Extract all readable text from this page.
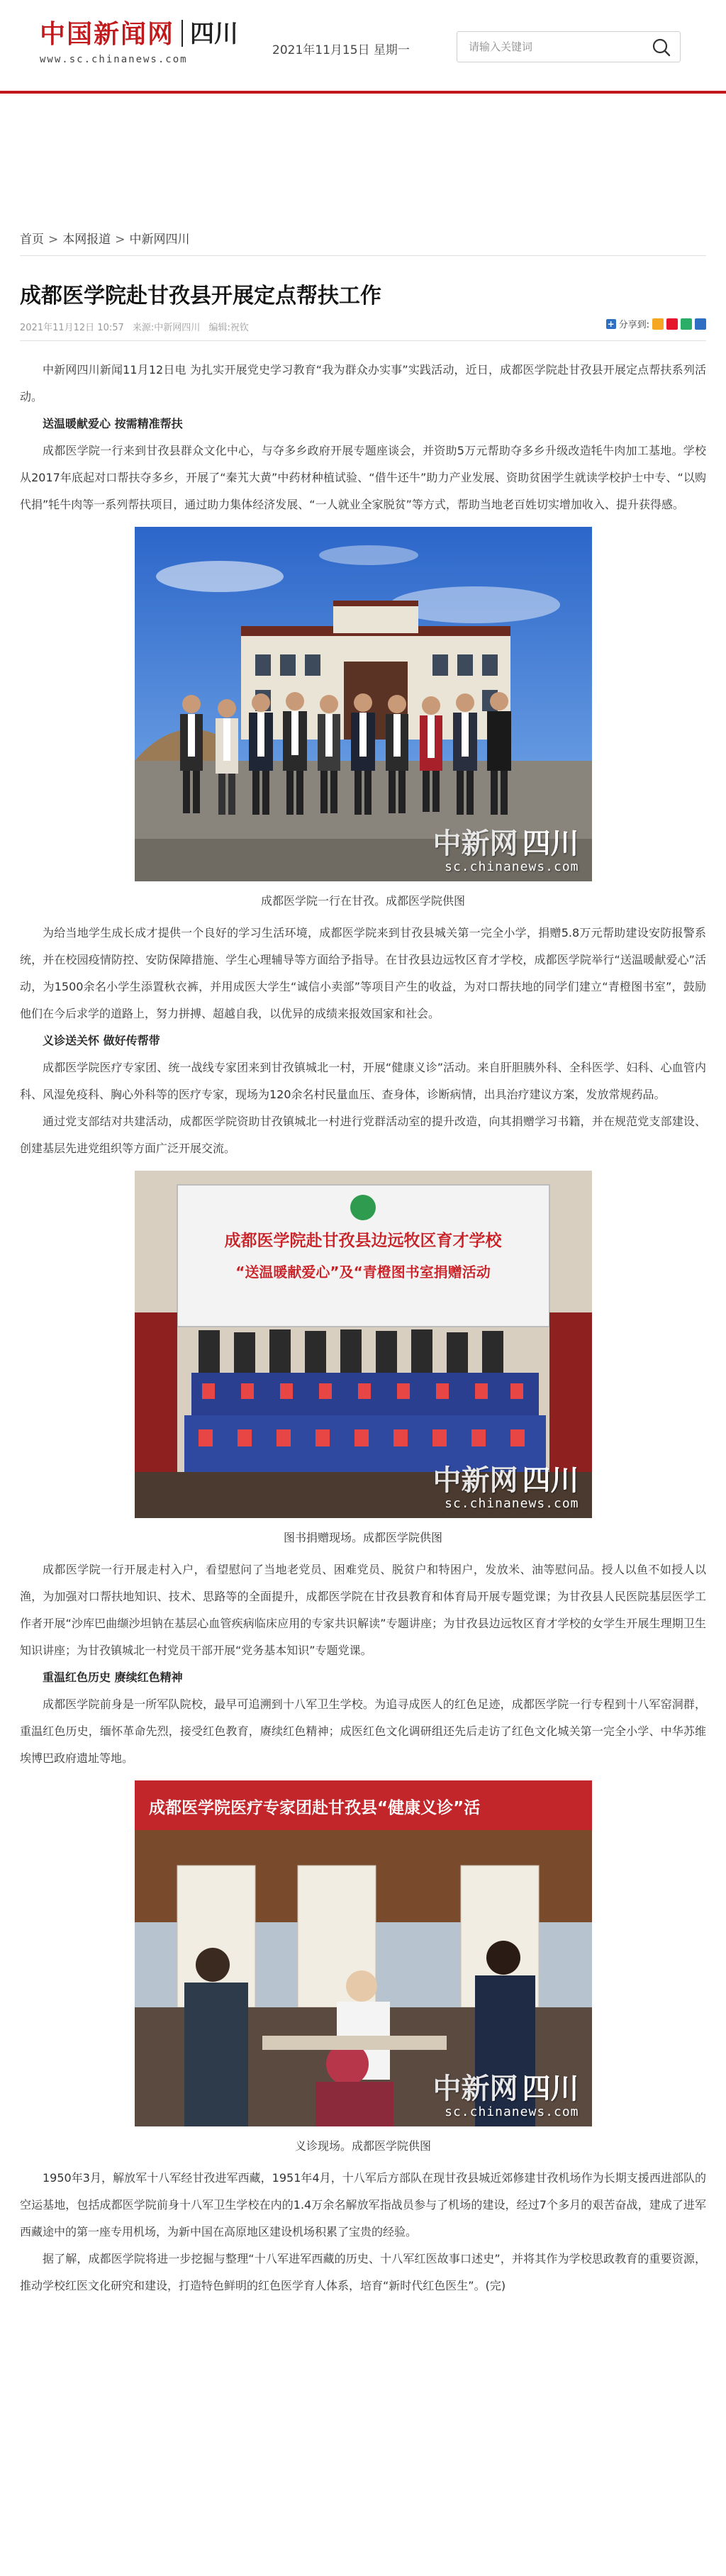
中国新闻网 四川
www.sc.chinanews.com
2021年11月15日 星期一
请输入关键词
首页 > 本网报道 > 中新网四川
成都医学院赴甘孜县开展定点帮扶工作
2021年11月12日 10:57 来源:中新网四川 编辑:祝钦	+ 分享到:

中新网四川新闻11月12日电 为扎实开展党史学习教育“我为群众办实事”实践活动，近日，成都医学院赴甘孜县开展定点帮扶系列活动。

送温暖献爱心 按需精准帮扶

成都医学院一行来到甘孜县群众文化中心，与夺多乡政府开展专题座谈会，并资助5万元帮助夺多乡升级改造牦牛肉加工基地。学校从2017年底起对口帮扶夺多乡，开展了“秦艽大黄”中药材种植试验、“借牛还牛”助力产业发展、资助贫困学生就读学校护士中专、“以购代捐”牦牛肉等一系列帮扶项目，通过助力集体经济发展、“一人就业全家脱贫”等方式，帮助当地老百姓切实增加收入、提升获得感。

中新网 四川
sc.chinanews.com

成都医学院一行在甘孜。成都医学院供图

为给当地学生成长成才提供一个良好的学习生活环境，成都医学院来到甘孜县城关第一完全小学，捐赠5.8万元帮助建设安防报警系统，并在校园疫情防控、安防保障措施、学生心理辅导等方面给予指导。在甘孜县边远牧区育才学校，成都医学院举行“送温暖献爱心”活动，为1500余名小学生添置秋衣裤，并用成医大学生“诚信小卖部”等项目产生的收益，为对口帮扶地的同学们建立“青橙图书室”，鼓励他们在今后求学的道路上，努力拼搏、超越自我，以优异的成绩来报效国家和社会。

义诊送关怀 做好传帮带

成都医学院医疗专家团、统一战线专家团来到甘孜镇城北一村，开展“健康义诊”活动。来自肝胆胰外科、全科医学、妇科、心血管内科、风湿免疫科、胸心外科等的医疗专家，现场为120余名村民量血压、查身体，诊断病情，出具治疗建议方案，发放常规药品。

通过党支部结对共建活动，成都医学院资助甘孜镇城北一村进行党群活动室的提升改造，向其捐赠学习书籍，并在规范党支部建设、创建基层先进党组织等方面广泛开展交流。

成都医学院赴甘孜县边远牧区育才学校
“送温暖献爱心”及“青橙图书室捐赠活动
中新网 四川
sc.chinanews.com

图书捐赠现场。成都医学院供图

成都医学院一行开展走村入户，看望慰问了当地老党员、困难党员、脱贫户和特困户，发放米、油等慰问品。授人以鱼不如授人以渔，为加强对口帮扶地知识、技术、思路等的全面提升，成都医学院在甘孜县教育和体育局开展专题党课；为甘孜县人民医院基层医学工作者开展“沙库巴曲缬沙坦钠在基层心血管疾病临床应用的专家共识解读”专题讲座；为甘孜县边远牧区育才学校的女学生开展生理期卫生知识讲座；为甘孜镇城北一村党员干部开展“党务基本知识”专题党课。

重温红色历史 赓续红色精神

成都医学院前身是一所军队院校，最早可追溯到十八军卫生学校。为追寻成医人的红色足迹，成都医学院一行专程到十八军窑洞群，重温红色历史，缅怀革命先烈，接受红色教育，赓续红色精神；成医红色文化调研组还先后走访了红色文化城关第一完全小学、中华苏维埃博巴政府遗址等地。

成都医学院医疗专家团赴甘孜县“健康义诊”活
中新网 四川
sc.chinanews.com

义诊现场。成都医学院供图

1950年3月，解放军十八军经甘孜进军西藏，1951年4月，十八军后方部队在现甘孜县城近郊修建甘孜机场作为长期支援西进部队的空运基地，包括成都医学院前身十八军卫生学校在内的1.4万余名解放军指战员参与了机场的建设，经过7个多月的艰苦奋战，建成了进军西藏途中的第一座专用机场，为新中国在高原地区建设机场积累了宝贵的经验。

据了解，成都医学院将进一步挖掘与整理“十八军进军西藏的历史、十八军红医故事口述史”，并将其作为学校思政教育的重要资源，推动学校红医文化研究和建设，打造特色鲜明的红色医学育人体系，培育“新时代红色医生”。(完)
